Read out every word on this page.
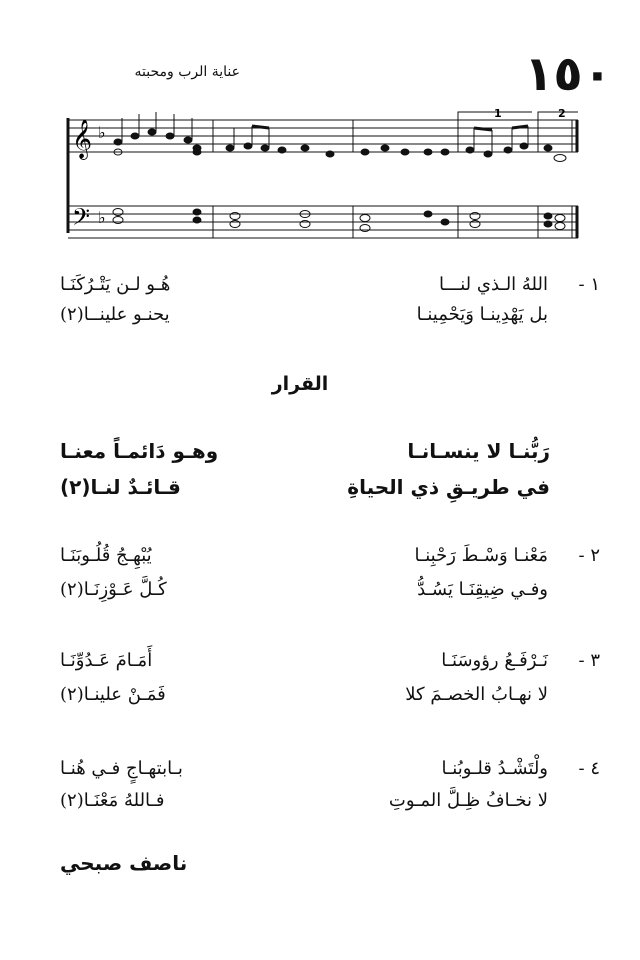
١٥٠
عناية الرب ومحبته
1	2
𝄞
𝄢
♭
♭
١ -
اللهُ الـذي لنـــا
هُـو لـن يَتْـرُكَنَـا
بل يَهْدِينـا وَيَحْمِينـا
يحنـو علينــا(٢)
القرار
رَبُّنـا لا ينسـانـا
وهـو دَائمـاً معنـا
في طريـقِ ذي الحياةِ
قـائـدٌ لنـا(٢)
٢ -
مَعْنـا وَسْـطَ رَحْبِنـا
يُبْهِـجُ قُلُـوبَنَـا
وفـي ضِيقِنَـا يَسُـدُّ
كُـلَّ عَـوْزِنَـا(٢)
٣ -
نَـرْفَـعُ رؤوسَنَـا
أَمَـامَ عَـدُوِّنَـا
لا نهـابُ الخصـمَ كلا
فَمَـنْ علينـا(٢)
٤ -
ولْتَشْـدُ قلـوبُنـا
بـابتهـاجٍ فـي هُنـا
لا نخـافُ ظِـلَّ المـوتِ
فـاللهُ مَعْنَـا(٢)
ناصف صبحي
